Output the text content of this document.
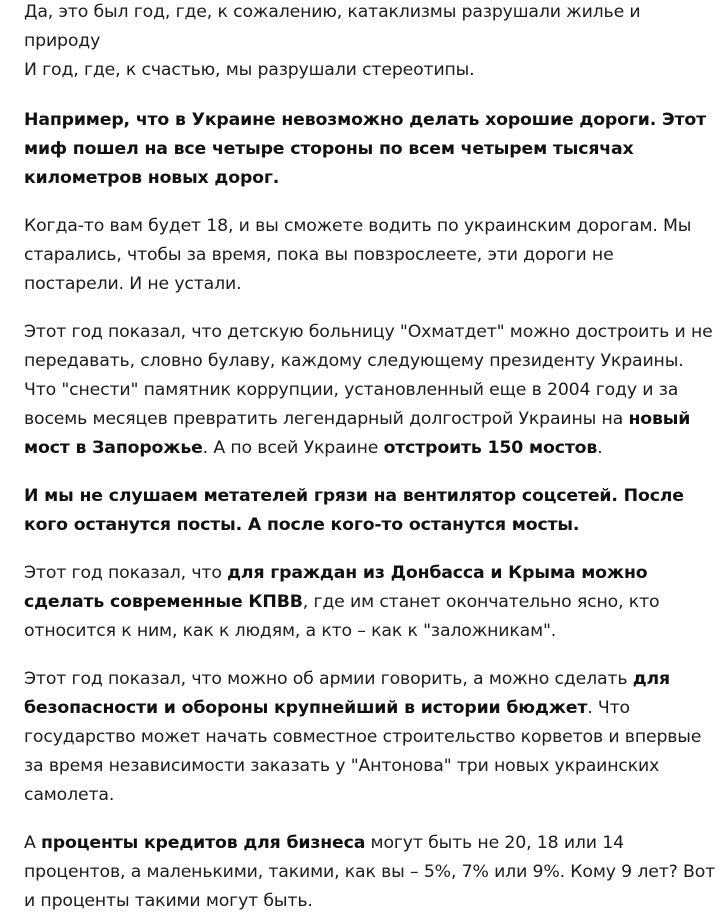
Да, это был год, где, к сожалению, катаклизмы разрушали жилье и природу
И год, где, к счастью, мы разрушали стереотипы.

Например, что в Украине невозможно делать хорошие дороги. Этот миф пошел на все четыре стороны по всем четырем тысячах километров новых дорог.

Когда-то вам будет 18, и вы сможете водить по украинским дорогам. Мы старались, чтобы за время, пока вы повзрослеете, эти дороги не постарели. И не устали.

Этот год показал, что детскую больницу "Охматдет" можно достроить и не передавать, словно булаву, каждому следующему президенту Украины. Что "снести" памятник коррупции, установленный еще в 2004 году и за восемь месяцев превратить легендарный долгострой Украины на новый мост в Запорожье. А по всей Украине отстроить 150 мостов.

И мы не слушаем метателей грязи на вентилятор соцсетей. После кого останутся посты. А после кого-то останутся мосты.

Этот год показал, что для граждан из Донбасса и Крыма можно сделать современные КПВВ, где им станет окончательно ясно, кто относится к ним, как к людям, а кто – как к "заложникам".

Этот год показал, что можно об армии говорить, а можно сделать для безопасности и обороны крупнейший в истории бюджет. Что государство может начать совместное строительство корветов и впервые за время независимости заказать у "Антонова" три новых украинских самолета.

А проценты кредитов для бизнеса могут быть не 20, 18 или 14 процентов, а маленькими, такими, как вы – 5%, 7% или 9%. Кому 9 лет? Вот и проценты такими могут быть.
